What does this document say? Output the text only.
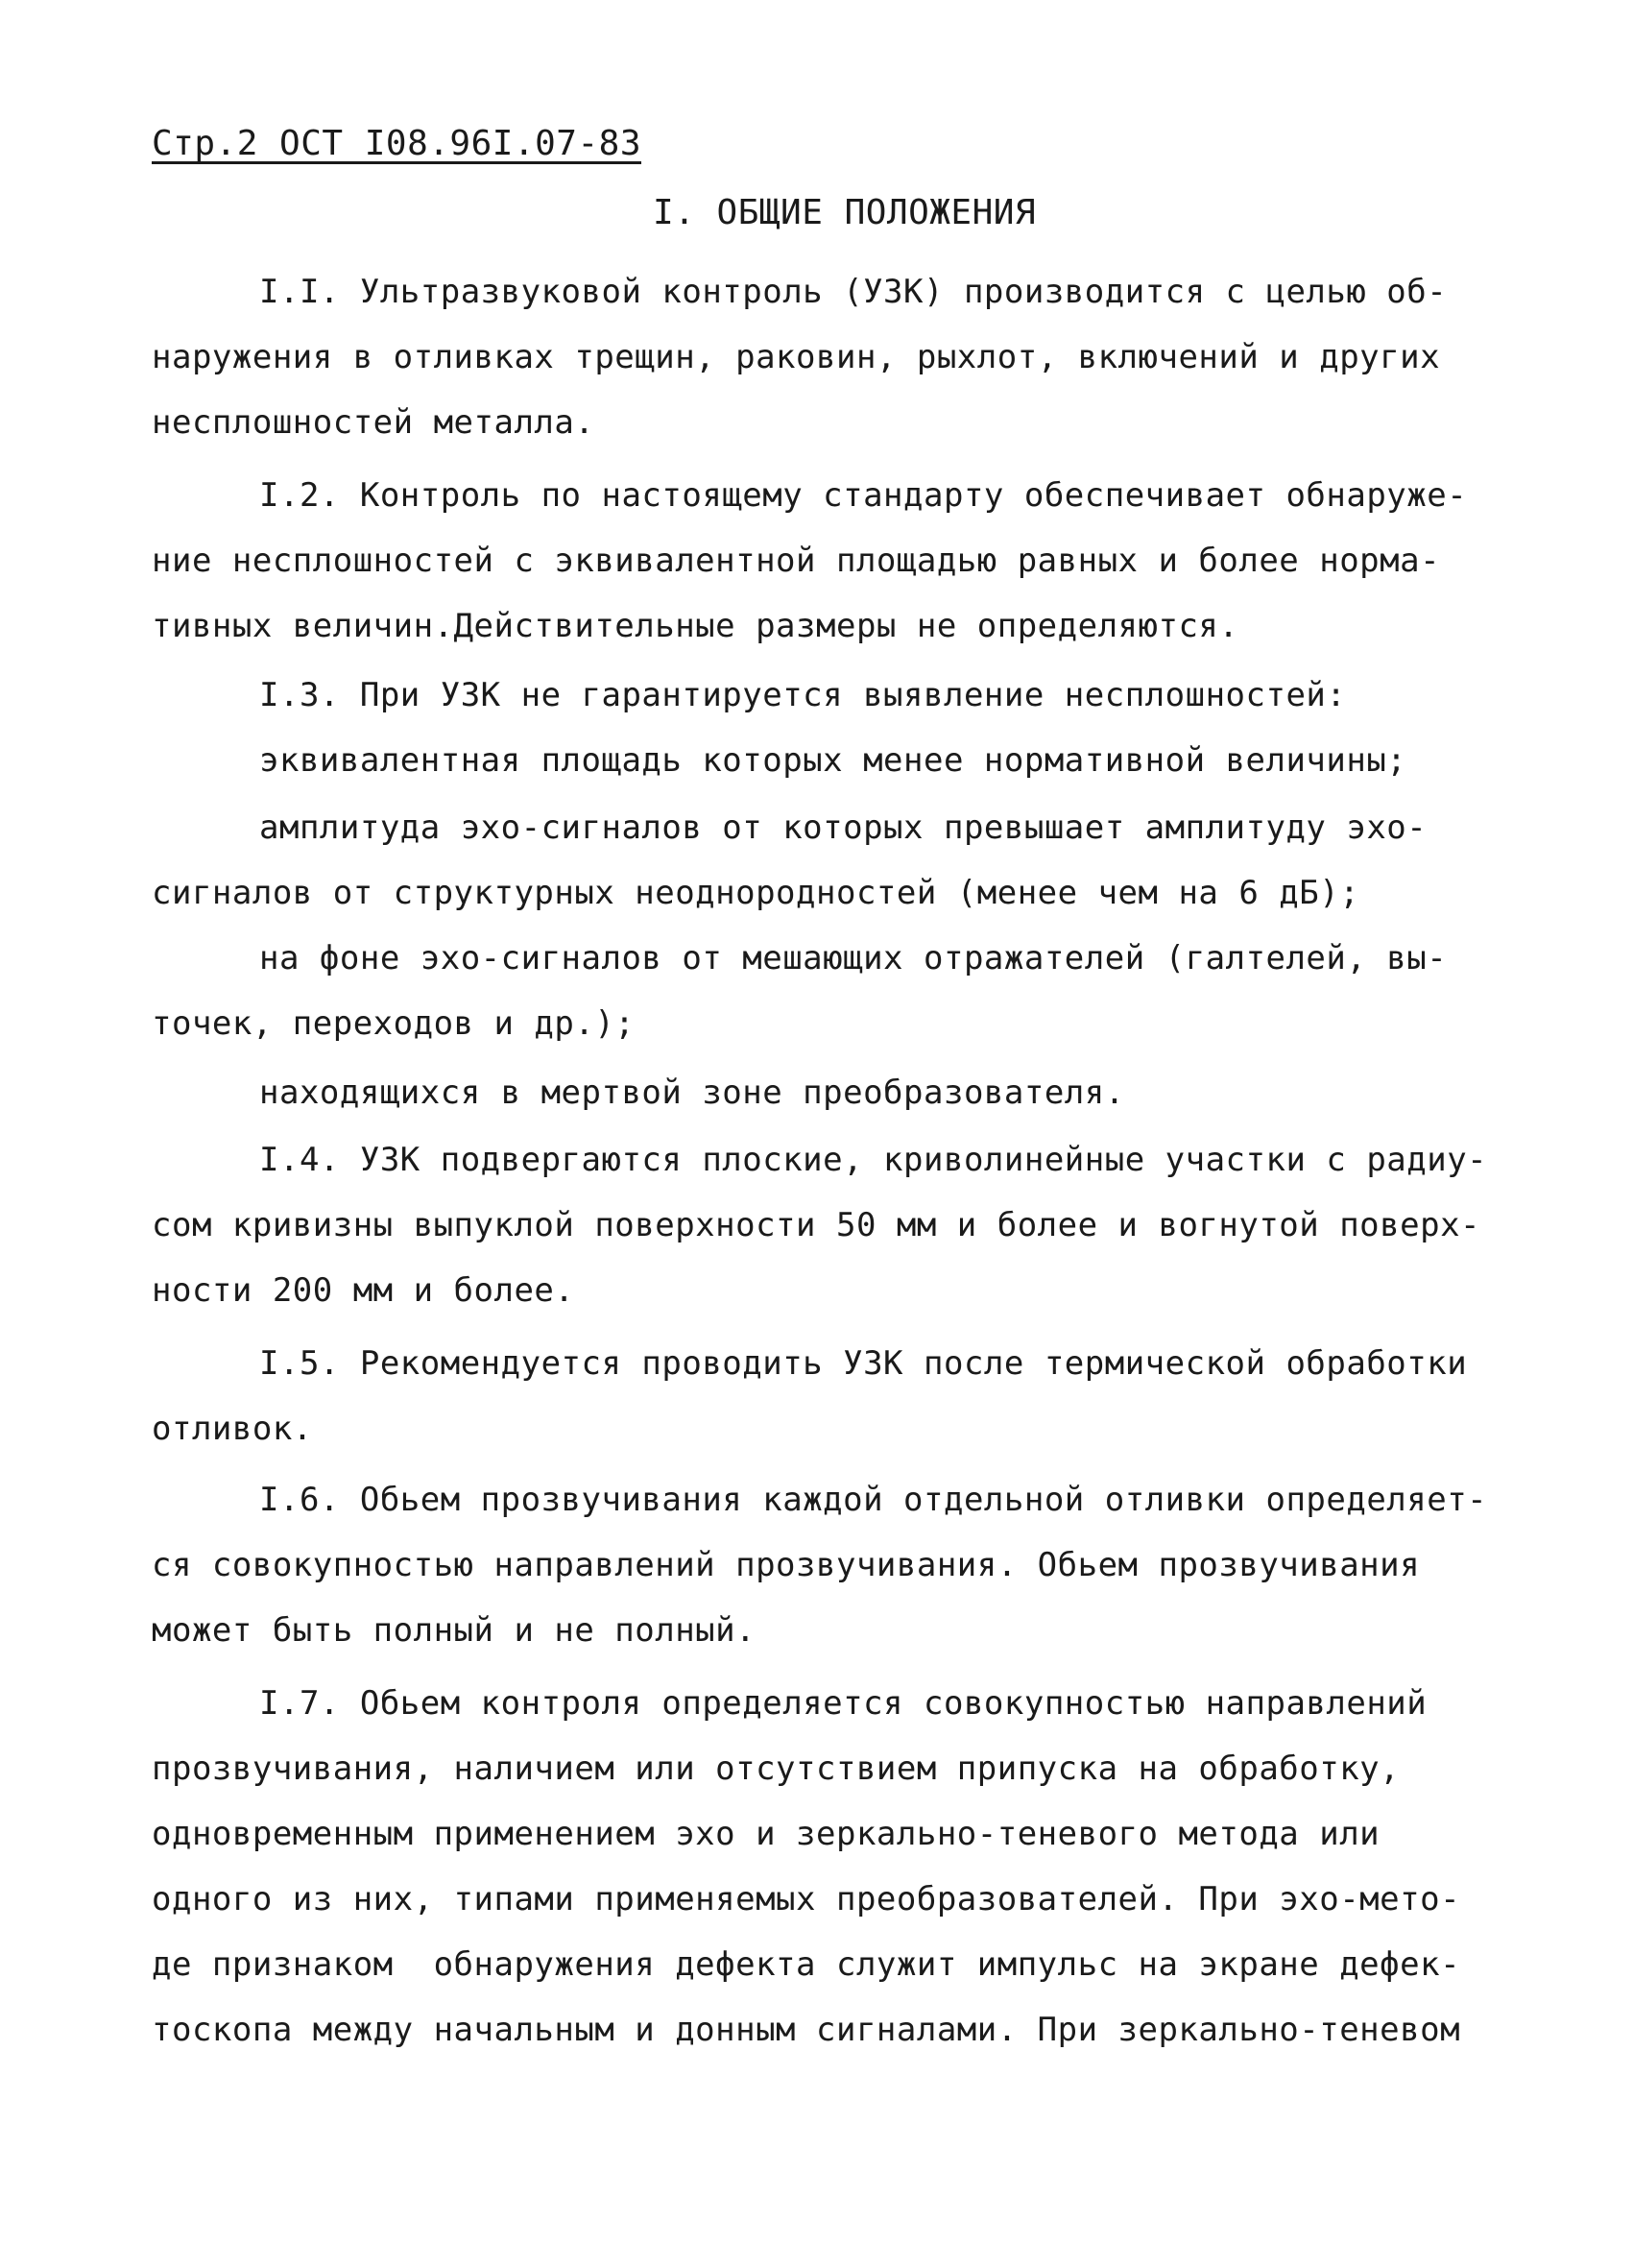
Стр.2 ОСТ I08.96I.07-83
I. ОБЩИЕ ПОЛОЖЕНИЯ
I.I. Ультразвуковой контроль (УЗК) производится с целью об-
наружения в отливках трещин, раковин, рыхлот, включений и других
несплошностей металла.
I.2. Контроль по настоящему стандарту обеспечивает обнаруже-
ние несплошностей с эквивалентной площадью равных и более норма-
тивных величин.Действительные размеры не определяются.
I.3. При УЗК не гарантируется выявление несплошностей:
эквивалентная площадь которых менее нормативной величины;
амплитуда эхо-сигналов от которых превышает амплитуду эхо-
сигналов от структурных неоднородностей (менее чем на 6 дБ);
на фоне эхо-сигналов от мешающих отражателей (галтелей, вы-
точек, переходов и др.);
находящихся в мертвой зоне преобразователя.
I.4. УЗК подвергаются плоские, криволинейные участки с радиу-
сом кривизны выпуклой поверхности 50 мм и более и вогнутой поверх-
ности 200 мм и более.
I.5. Рекомендуется проводить УЗК после термической обработки
отливок.
I.6. Обьем прозвучивания каждой отдельной отливки определяет-
ся совокупностью направлений прозвучивания. Обьем прозвучивания
может быть полный и не полный.
I.7. Обьем контроля определяется совокупностью направлений
прозвучивания, наличием или отсутствием припуска на обработку,
одновременным применением эхо и зеркально-теневого метода или
одного из них, типами применяемых преобразователей. При эхо-мето-
де признаком  обнаружения дефекта служит импульс на экране дефек-
тоскопа между начальным и донным сигналами. При зеркально-теневом
